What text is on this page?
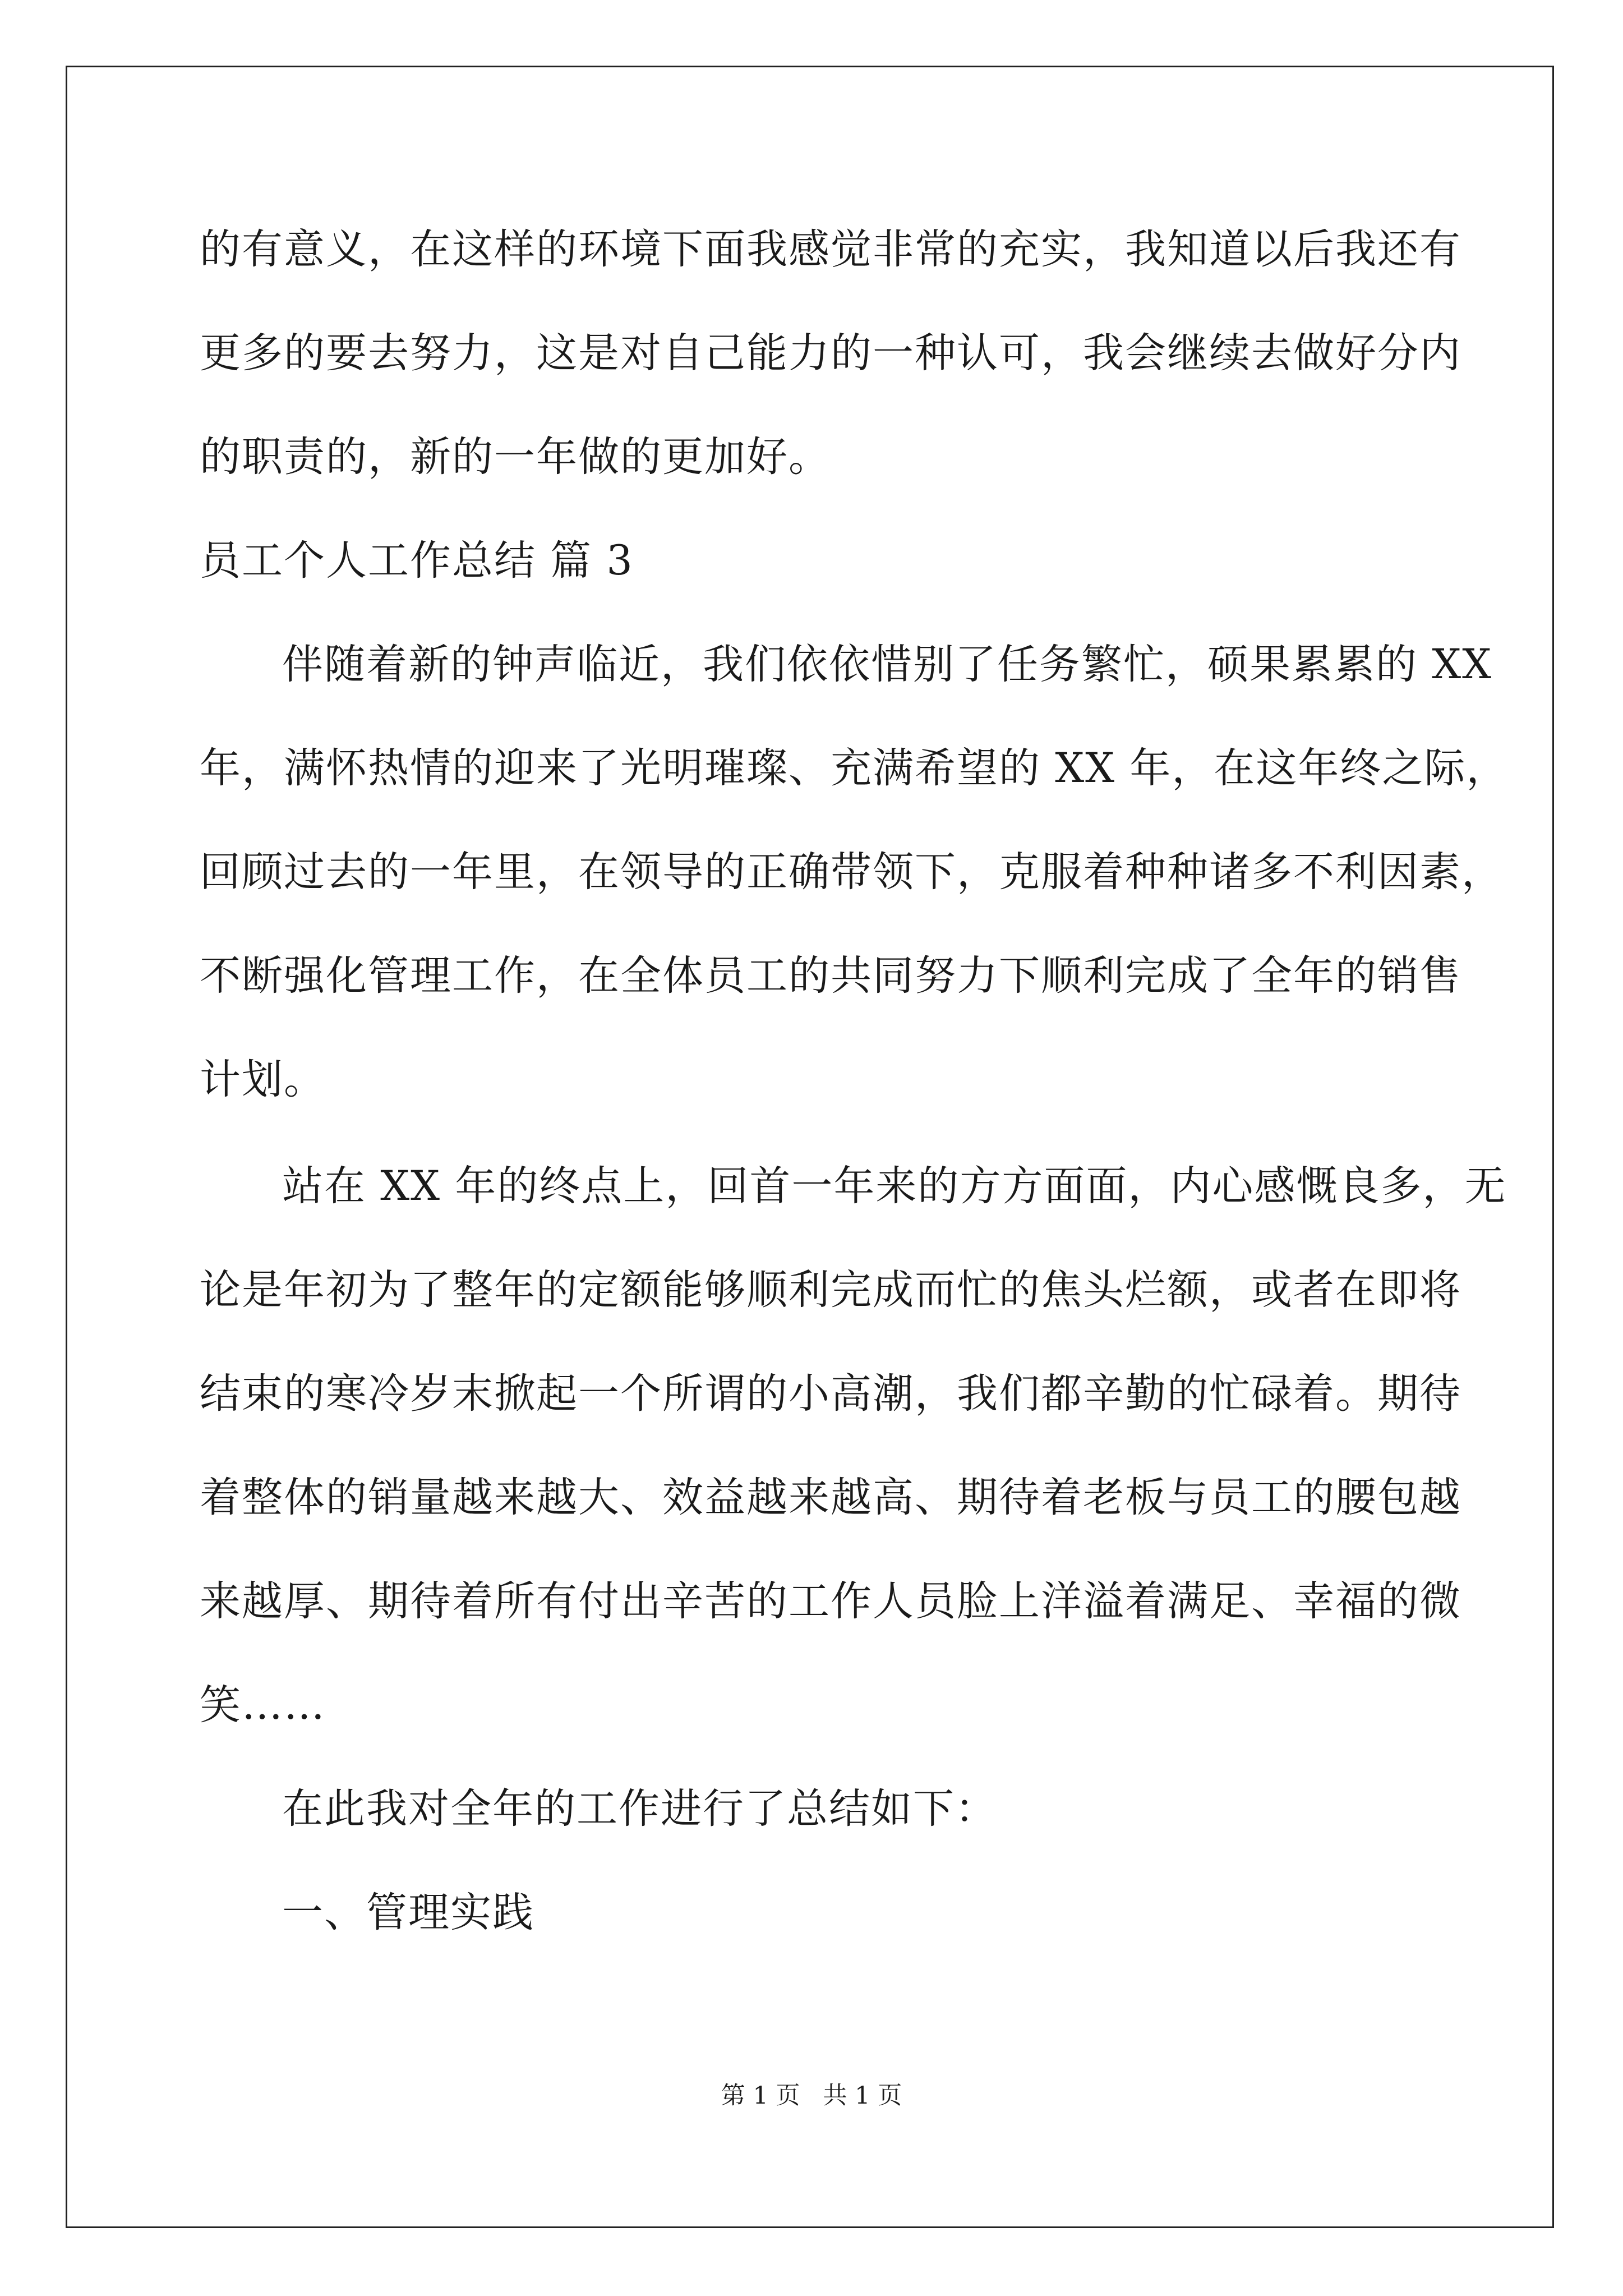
的有意义，在这样的环境下面我感觉非常的充实，我知道以后我还有
更多的要去努力，这是对自己能力的一种认可，我会继续去做好分内
的职责的，新的一年做的更加好。
员工个人工作总结 篇 3
伴随着新的钟声临近，我们依依惜别了任务繁忙，硕果累累的 XX
年，满怀热情的迎来了光明璀璨、充满希望的 XX 年，在这年终之际，
回顾过去的一年里，在领导的正确带领下，克服着种种诸多不利因素，
不断强化管理工作，在全体员工的共同努力下顺利完成了全年的销售
计划。
站在 XX 年的终点上，回首一年来的方方面面，内心感慨良多，无
论是年初为了整年的定额能够顺利完成而忙的焦头烂额，或者在即将
结束的寒冷岁末掀起一个所谓的小高潮，我们都辛勤的忙碌着。期待
着整体的销量越来越大、效益越来越高、期待着老板与员工的腰包越
来越厚、期待着所有付出辛苦的工作人员脸上洋溢着满足、幸福的微
笑……
在此我对全年的工作进行了总结如下：
一、管理实践
第 1 页   共 1 页
